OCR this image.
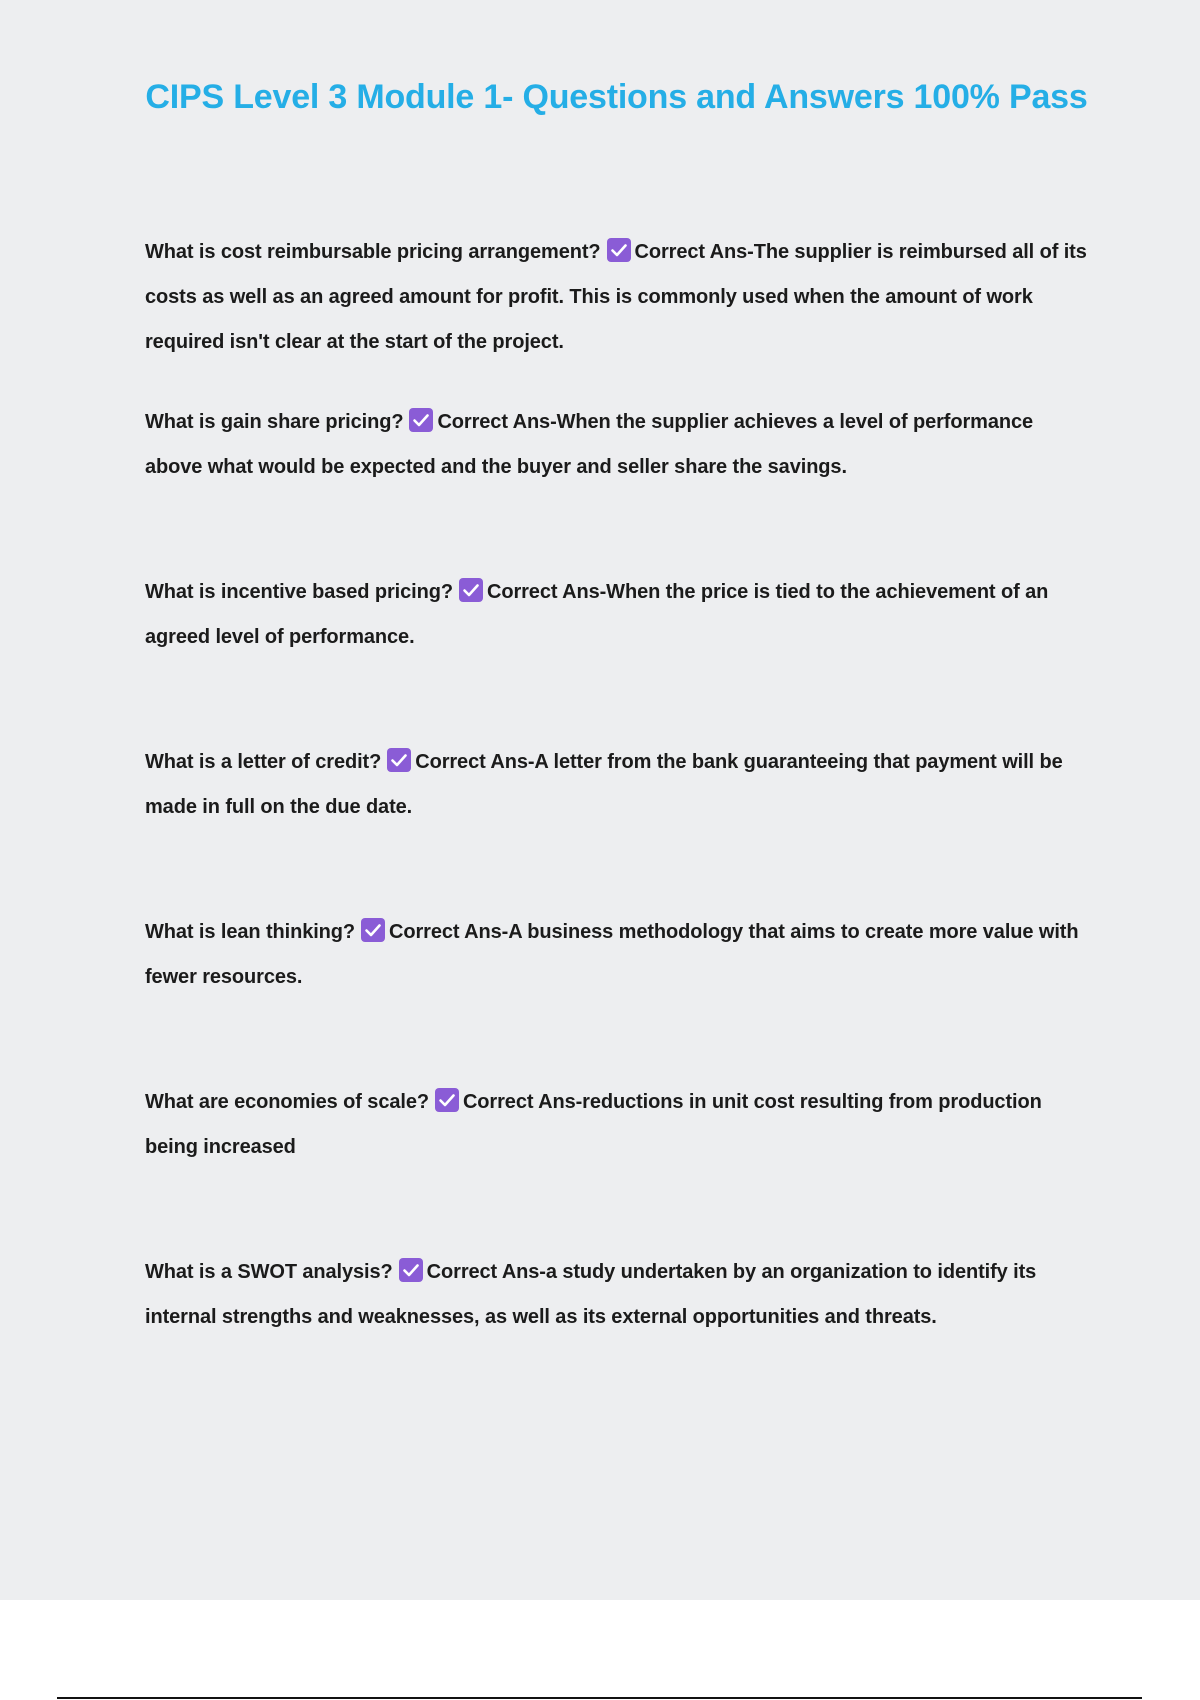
CIPS Level 3 Module 1- Questions and Answers 100% Pass

What is cost reimbursable pricing arrangement? Correct Ans-The supplier is reimbursed all of its costs as well as an agreed amount for profit. This is commonly used when the amount of work required isn't clear at the start of the project.

What is gain share pricing? Correct Ans-When the supplier achieves a level of performance above what would be expected and the buyer and seller share the savings.

What is incentive based pricing? Correct Ans-When the price is tied to the achievement of an agreed level of performance.

What is a letter of credit? Correct Ans-A letter from the bank guaranteeing that payment will be made in full on the due date.

What is lean thinking? Correct Ans-A business methodology that aims to create more value with fewer resources.

What are economies of scale? Correct Ans-reductions in unit cost resulting from production being increased

What is a SWOT analysis? Correct Ans-a study undertaken by an organization to identify its internal strengths and weaknesses, as well as its external opportunities and threats.
